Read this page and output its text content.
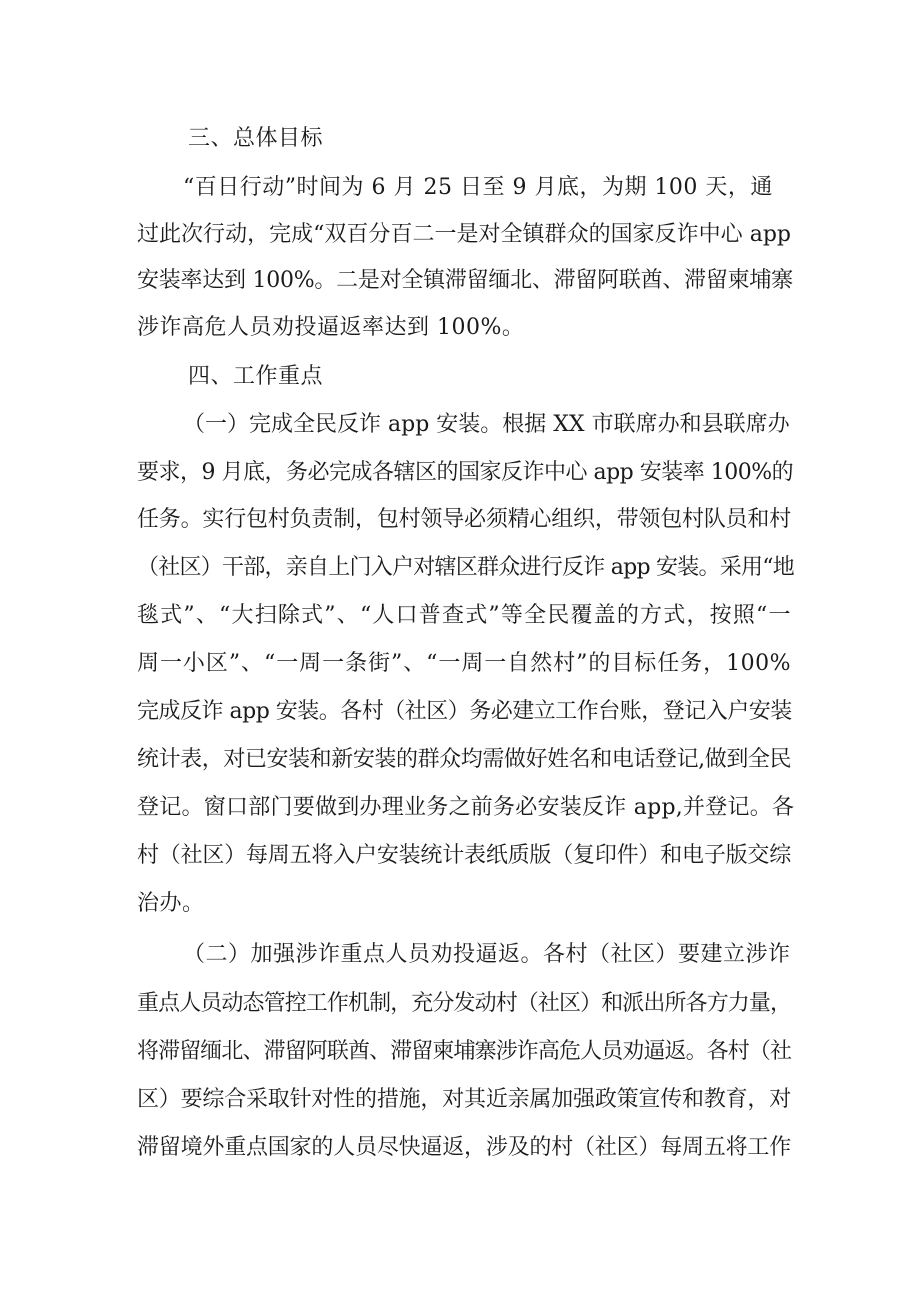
三、总体目标

“百日行动”时间为 6 月 25 日至 9 月底，为期 100 天，通

过此次行动，完成“双百分百二一是对全镇群众的国家反诈中心 app

安装率达到 100%。二是对全镇滞留缅北、滞留阿联酋、滞留柬埔寨

涉诈高危人员劝投逼返率达到 100%。

四、工作重点

（一）完成全民反诈 app 安装。根据 XX 市联席办和县联席办

要求，9 月底，务必完成各辖区的国家反诈中心 app 安装率 100%的

任务。实行包村负责制，包村领导必须精心组织，带领包村队员和村

（社区）干部，亲自上门入户对辖区群众进行反诈 app 安装。采用“地

毯式”、“大扫除式”、“人口普查式”等全民覆盖的方式，按照“一

周一小区”、“一周一条街”、“一周一自然村”的目标任务，100%

完成反诈 app 安装。各村（社区）务必建立工作台账，登记入户安装

统计表，对已安装和新安装的群众均需做好姓名和电话登记,做到全民

登记。窗口部门要做到办理业务之前务必安装反诈 app,并登记。各

村（社区）每周五将入户安装统计表纸质版（复印件）和电子版交综

治办。

（二）加强涉诈重点人员劝投逼返。各村（社区）要建立涉诈

重点人员动态管控工作机制，充分发动村（社区）和派出所各方力量，

将滞留缅北、滞留阿联酋、滞留柬埔寨涉诈高危人员劝逼返。各村（社

区）要综合采取针对性的措施，对其近亲属加强政策宣传和教育，对

滞留境外重点国家的人员尽快逼返，涉及的村（社区）每周五将工作
